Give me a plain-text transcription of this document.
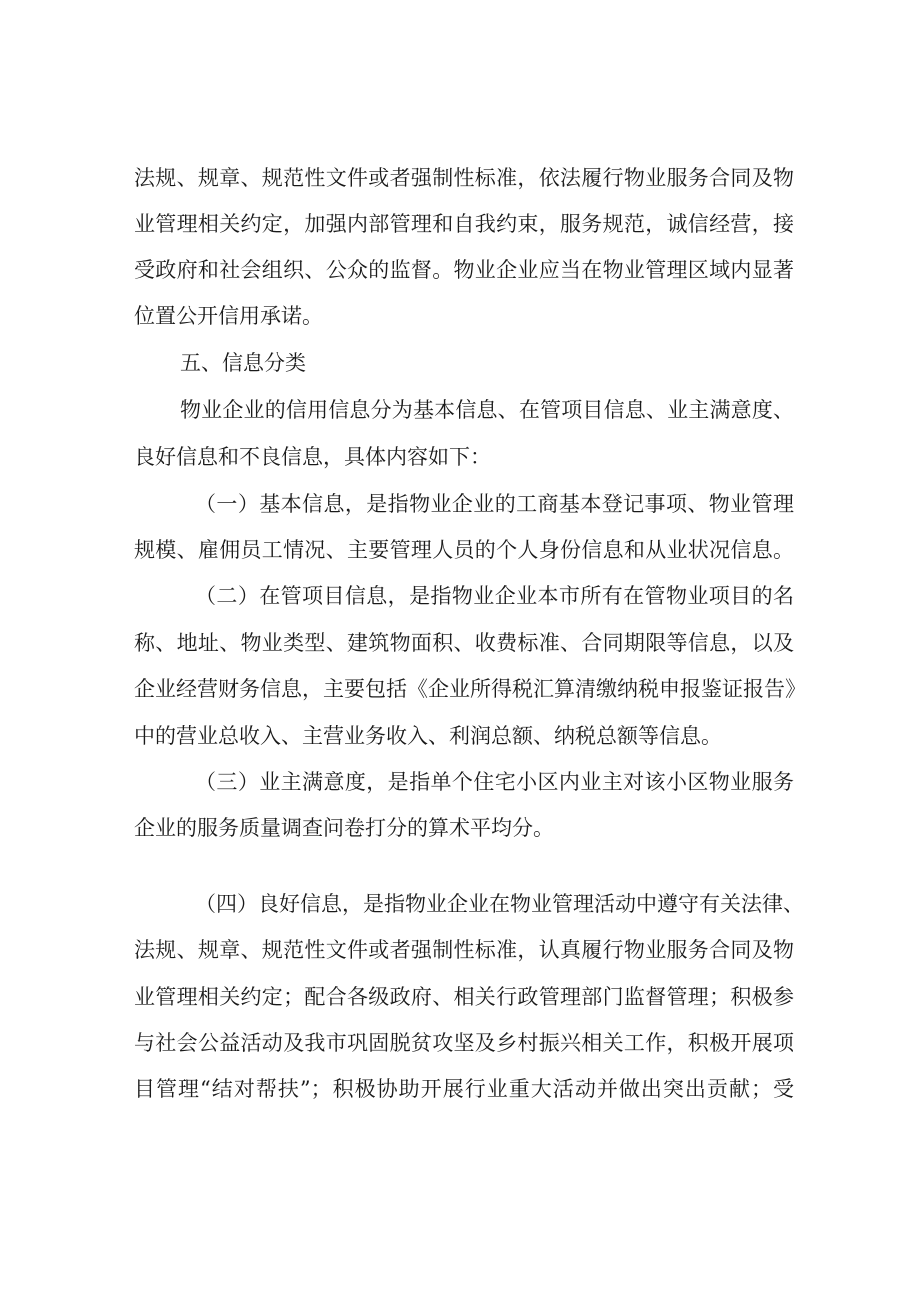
法规、规章、规范性文件或者强制性标准，依法履行物业服务合同及物
业管理相关约定，加强内部管理和自我约束，服务规范，诚信经营，接
受政府和社会组织、公众的监督。物业企业应当在物业管理区域内显著
位置公开信用承诺。
五、信息分类
物业企业的信用信息分为基本信息、在管项目信息、业主满意度、
良好信息和不良信息，具体内容如下：
（一）基本信息，是指物业企业的工商基本登记事项、物业管理
规模、雇佣员工情况、主要管理人员的个人身份信息和从业状况信息。
（二）在管项目信息，是指物业企业本市所有在管物业项目的名
称、地址、物业类型、建筑物面积、收费标准、合同期限等信息，以及
企业经营财务信息，主要包括《企业所得税汇算清缴纳税申报鉴证报告》
中的营业总收入、主营业务收入、利润总额、纳税总额等信息。
（三）业主满意度，是指单个住宅小区内业主对该小区物业服务
企业的服务质量调查问卷打分的算术平均分。
（四）良好信息，是指物业企业在物业管理活动中遵守有关法律、
法规、规章、规范性文件或者强制性标准，认真履行物业服务合同及物
业管理相关约定；配合各级政府、相关行政管理部门监督管理；积极参
与社会公益活动及我市巩固脱贫攻坚及乡村振兴相关工作，积极开展项
目管理“结对帮扶”；积极协助开展行业重大活动并做出突出贡献；受
